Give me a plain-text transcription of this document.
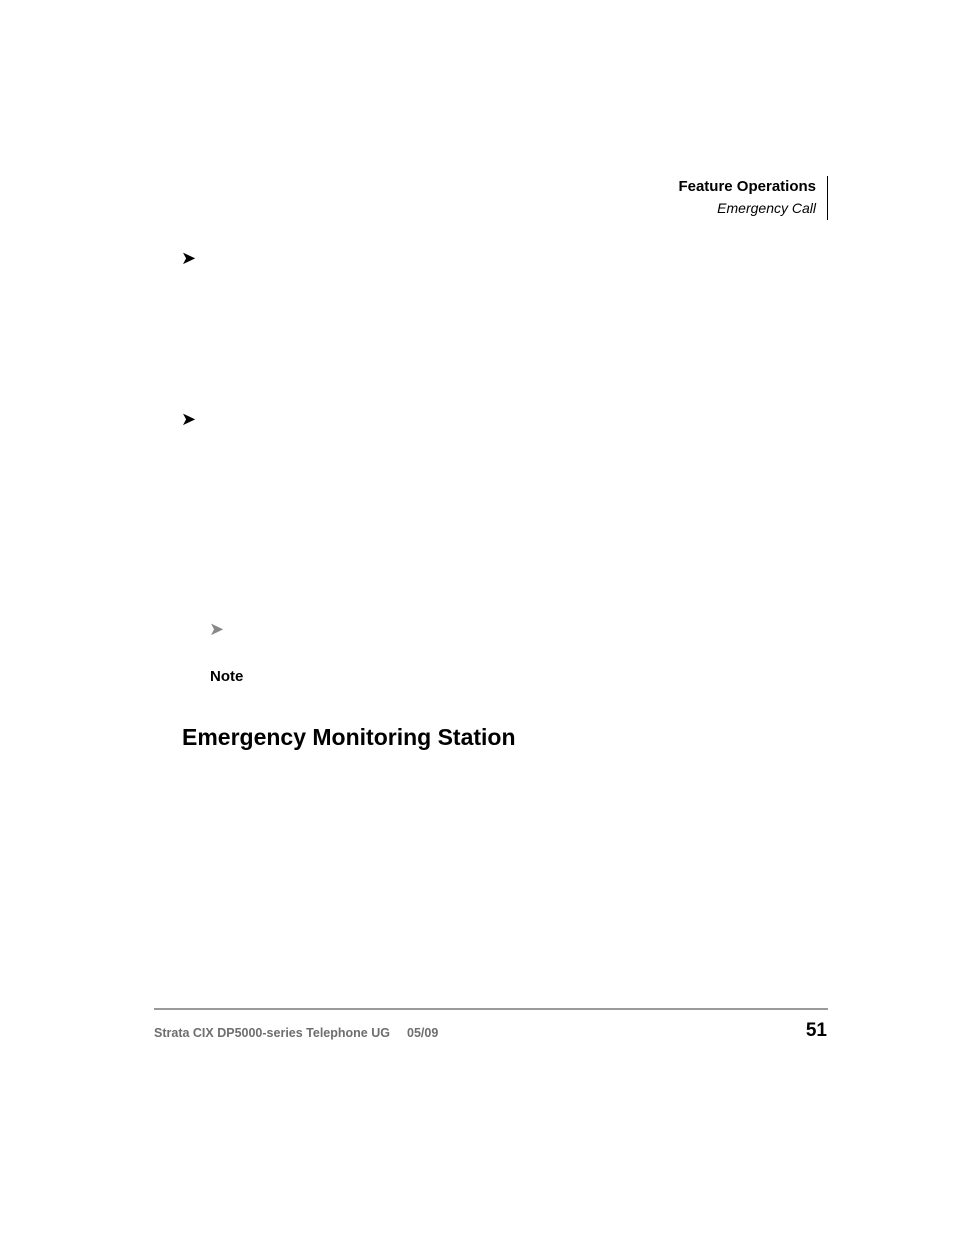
Feature Operations
Emergency Call
➤
➤
➤
Note
Emergency Monitoring Station
Strata CIX DP5000-series Telephone UG 05/09	51
